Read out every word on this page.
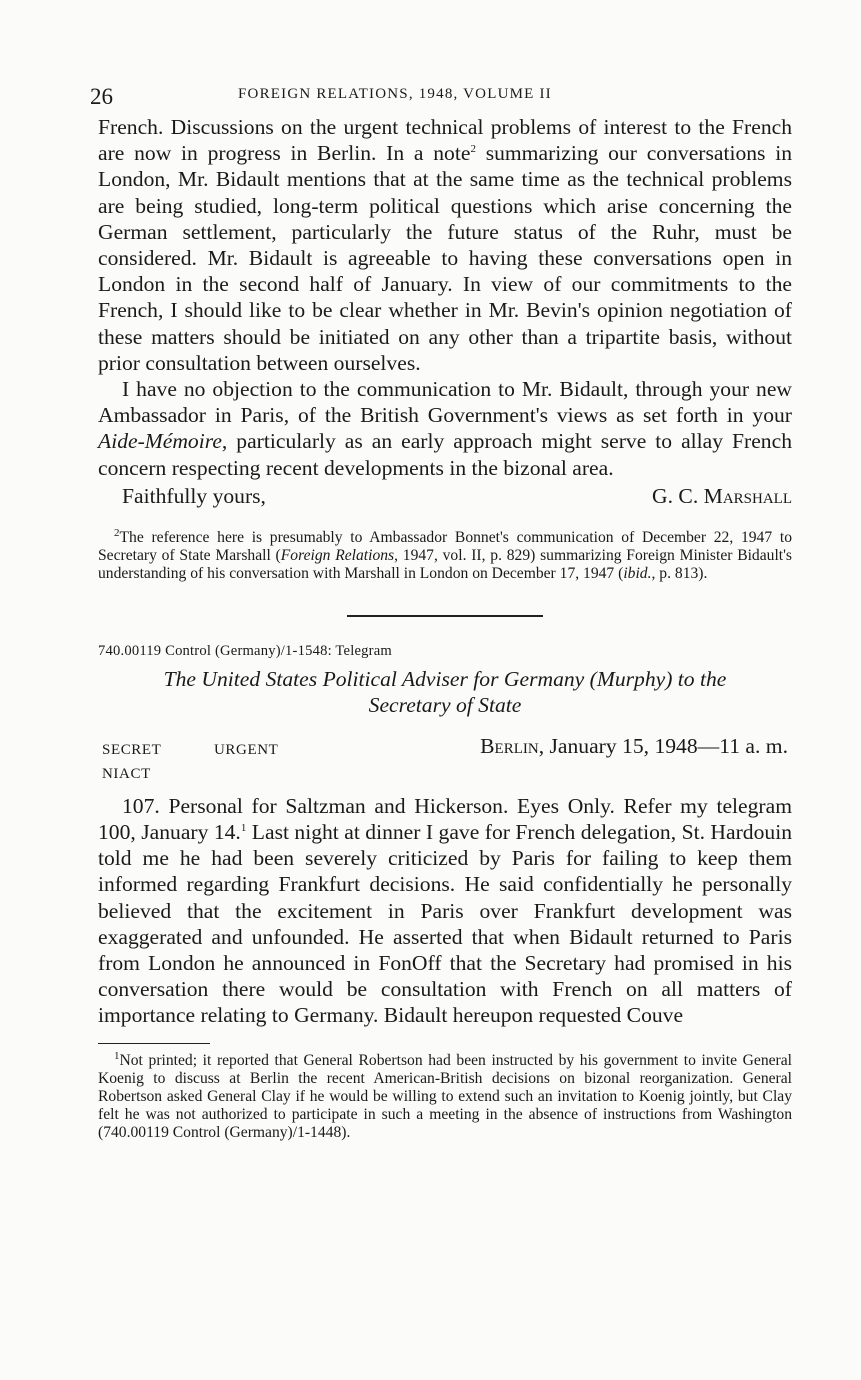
26	FOREIGN RELATIONS, 1948, VOLUME II

French. Discussions on the urgent technical problems of interest to the French are now in progress in Berlin. In a note$^2$ summarizing our conversations in London, Mr. Bidault mentions that at the same time as the technical problems are being studied, long-term political questions which arise concerning the German settlement, particularly the future status of the Ruhr, must be considered. Mr. Bidault is agreeable to having these conversations open in London in the second half of January. In view of our commitments to the French, I should like to be clear whether in Mr. Bevin's opinion negotiation of these matters should be initiated on any other than a tripartite basis, without prior consultation between ourselves.

I have no objection to the communication to Mr. Bidault, through your new Ambassador in Paris, of the British Government's views as set forth in your Aide-Mémoire, particularly as an early approach might serve to allay French concern respecting recent developments in the bizonal area.

Faithfully yours,	G. C. Marshall

$^2$The reference here is presumably to Ambassador Bonnet's communication of December 22, 1947 to Secretary of State Marshall (Foreign Relations, 1947, vol. II, p. 829) summarizing Foreign Minister Bidault's understanding of his conversation with Marshall in London on December 17, 1947 (ibid., p. 813).

740.00119 Control (Germany)/1-1548: Telegram
The United States Political Adviser for Germany (Murphy) to the
Secretary of State
SECRET	URGENT	Berlin, January 15, 1948—11 a. m.
NIACT

107. Personal for Saltzman and Hickerson. Eyes Only. Refer my telegram 100, January 14.$^1$ Last night at dinner I gave for French delegation, St. Hardouin told me he had been severely criticized by Paris for failing to keep them informed regarding Frankfurt decisions. He said confidentially he personally believed that the excitement in Paris over Frankfurt development was exaggerated and unfounded. He asserted that when Bidault returned to Paris from London he announced in FonOff that the Secretary had promised in his conversation there would be consultation with French on all matters of importance relating to Germany. Bidault hereupon requested Couve

$^1$Not printed; it reported that General Robertson had been instructed by his government to invite General Koenig to discuss at Berlin the recent American-British decisions on bizonal reorganization. General Robertson asked General Clay if he would be willing to extend such an invitation to Koenig jointly, but Clay felt he was not authorized to participate in such a meeting in the absence of instructions from Washington (740.00119 Control (Germany)/1-1448).
